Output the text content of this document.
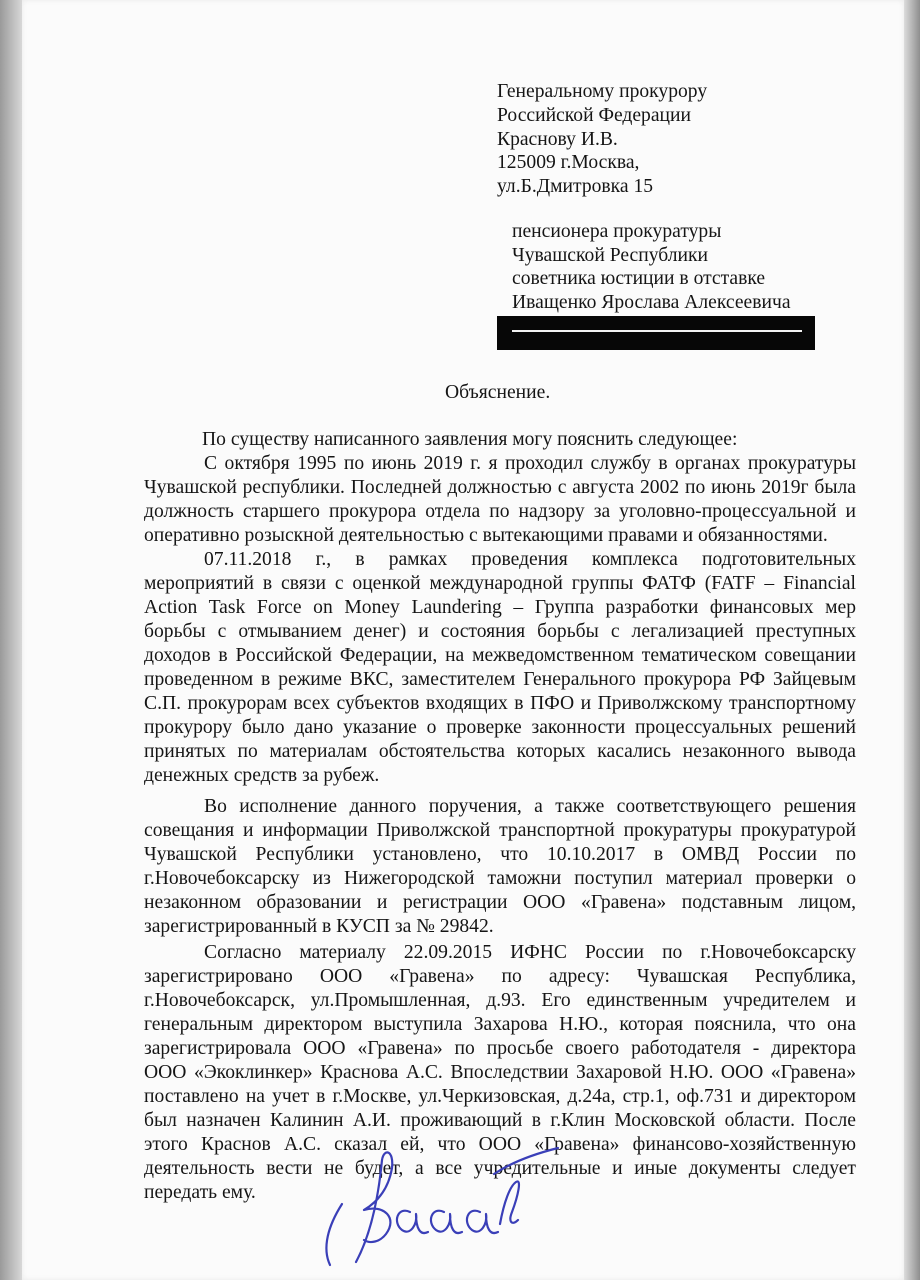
Генеральному прокурору
Российской Федерации
Краснову И.В.
125009 г.Москва,
ул.Б.Дмитровка 15
пенсионера прокуратуры
Чувашской Республики
советника юстиции в отставке
Иващенко Ярослава Алексеевича
Объяснение.
По существу написанного заявления могу пояснить следующее:
С октября 1995 по июнь 2019 г. я проходил службу в органах прокуратуры
Чувашской республики. Последней должностью с августа 2002 по июнь 2019г была
должность старшего прокурора отдела по надзору за уголовно-процессуальной и
оперативно розыскной деятельностью с вытекающими правами и обязанностями.
07.11.2018 г., в рамках проведения комплекса подготовительных
мероприятий в связи с оценкой международной группы ФАТФ (FATF – Financial
Action Task Force on Money Laundering – Группа разработки финансовых мер
борьбы с отмыванием денег) и состояния борьбы с легализацией преступных
доходов в Российской Федерации, на межведомственном тематическом совещании
проведенном в режиме ВКС, заместителем Генерального прокурора РФ Зайцевым
С.П. прокурорам всех субъектов входящих в ПФО и Приволжскому транспортному
прокурору было дано указание о проверке законности процессуальных решений
принятых по материалам обстоятельства которых касались незаконного вывода
денежных средств за рубеж.
Во исполнение данного поручения, а также соответствующего решения
совещания и информации Приволжской транспортной прокуратуры прокуратурой
Чувашской Республики установлено, что 10.10.2017 в ОМВД России по
г.Новочебоксарску из Нижегородской таможни поступил материал проверки о
незаконном образовании и регистрации ООО «Гравена» подставным лицом,
зарегистрированный в КУСП за № 29842.
Согласно материалу 22.09.2015 ИФНС России по г.Новочебоксарску
зарегистрировано ООО «Гравена» по адресу: Чувашская Республика,
г.Новочебоксарск, ул.Промышленная, д.93. Его единственным учредителем и
генеральным директором выступила Захарова Н.Ю., которая пояснила, что она
зарегистрировала ООО «Гравена» по просьбе своего работодателя - директора
ООО «Экоклинкер» Краснова А.С. Впоследствии Захаровой Н.Ю. ООО «Гравена»
поставлено на учет в г.Москве, ул.Черкизовская, д.24а, стр.1, оф.731 и директором
был назначен Калинин А.И. проживающий в г.Клин Московской области. После
этого Краснов А.С. сказал ей, что ООО «Гравена» финансово-хозяйственную
деятельность вести не будет, а все учредительные и иные документы следует
передать ему.
